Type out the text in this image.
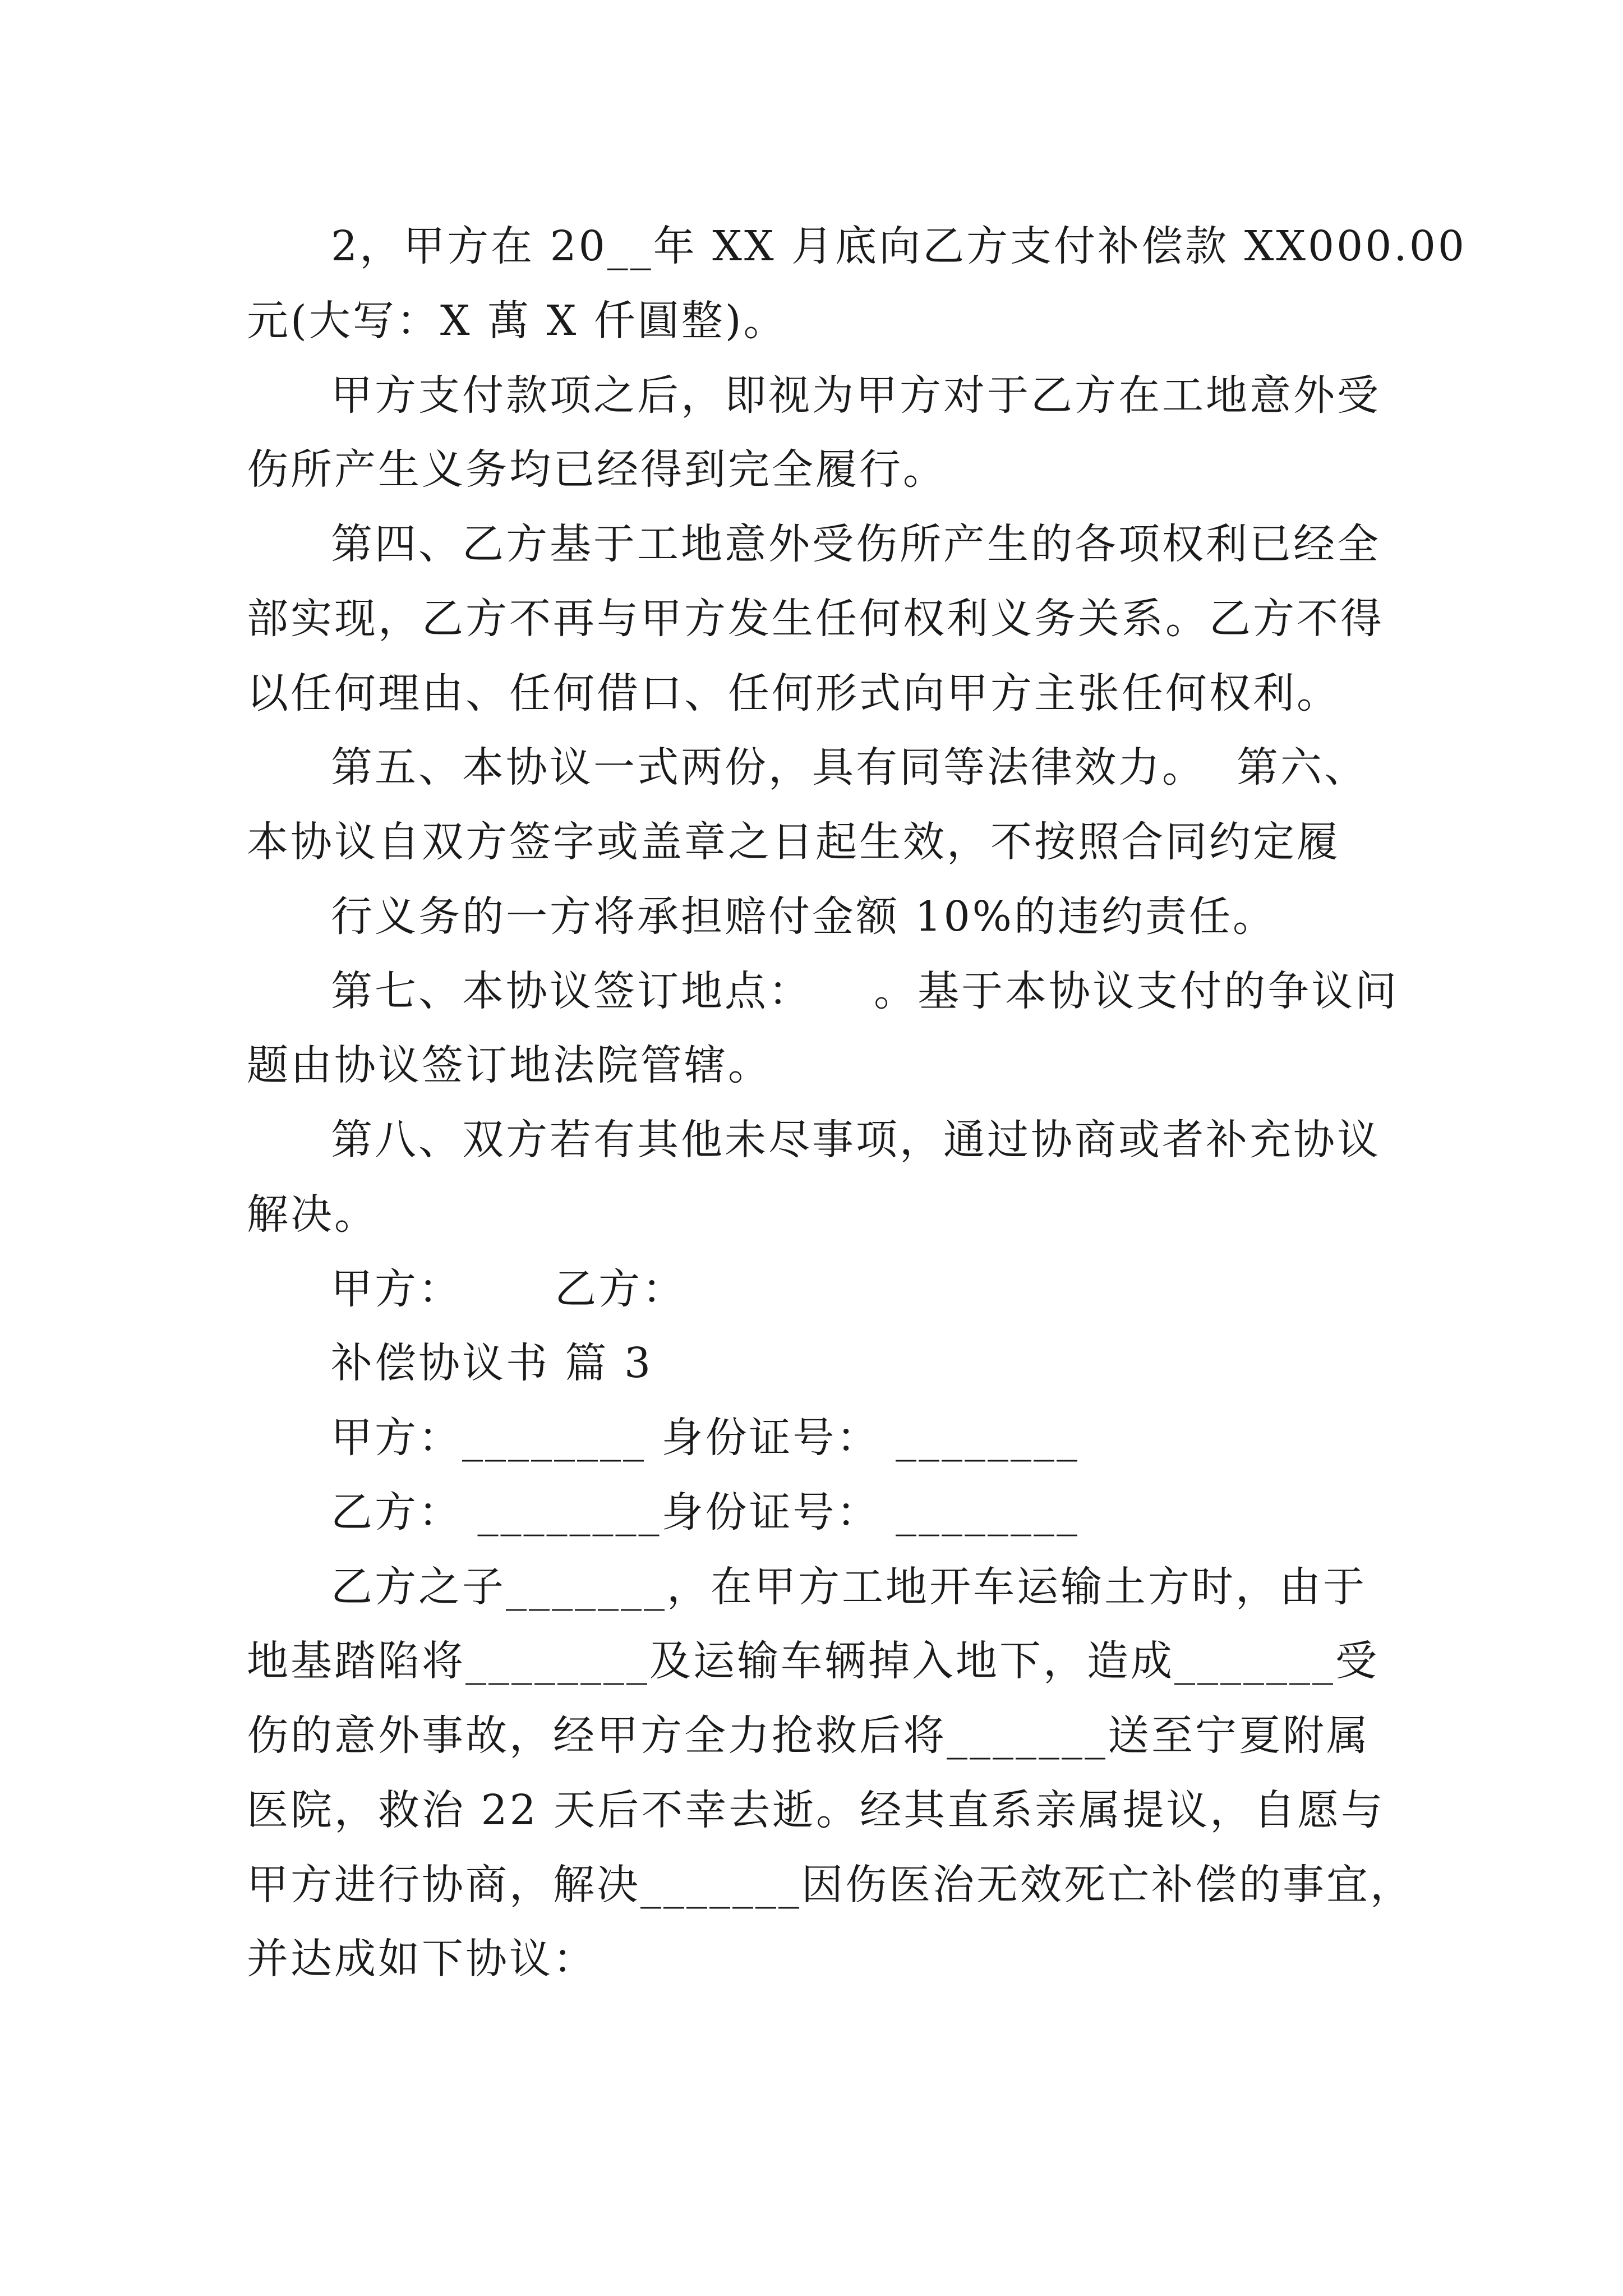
2，甲方在 20__年 XX 月底向乙方支付补偿款 XX000.00
元(大写：X 萬 X 仟圓整)。
甲方支付款项之后，即视为甲方对于乙方在工地意外受
伤所产生义务均已经得到完全履行。
第四、乙方基于工地意外受伤所产生的各项权利已经全
部实现，乙方不再与甲方发生任何权利义务关系。乙方不得
以任何理由、任何借口、任何形式向甲方主张任何权利。
第五、本协议一式两份，具有同等法律效力。  第六、
本协议自双方签字或盖章之日起生效，不按照合同约定履
行义务的一方将承担赔付金额 10%的违约责任。
第七、本协议签订地点：    。基于本协议支付的争议问
题由协议签订地法院管辖。
第八、双方若有其他未尽事项，通过协商或者补充协议
解决。
甲方：      乙方：
补偿协议书 篇 3
甲方：________ 身份证号： ________
乙方： ________身份证号： ________
乙方之子_______，在甲方工地开车运输土方时，由于
地基踏陷将________及运输车辆掉入地下，造成_______受
伤的意外事故，经甲方全力抢救后将_______送至宁夏附属
医院，救治 22 天后不幸去逝。经其直系亲属提议，自愿与
甲方进行协商，解决_______因伤医治无效死亡补偿的事宜，
并达成如下协议：
